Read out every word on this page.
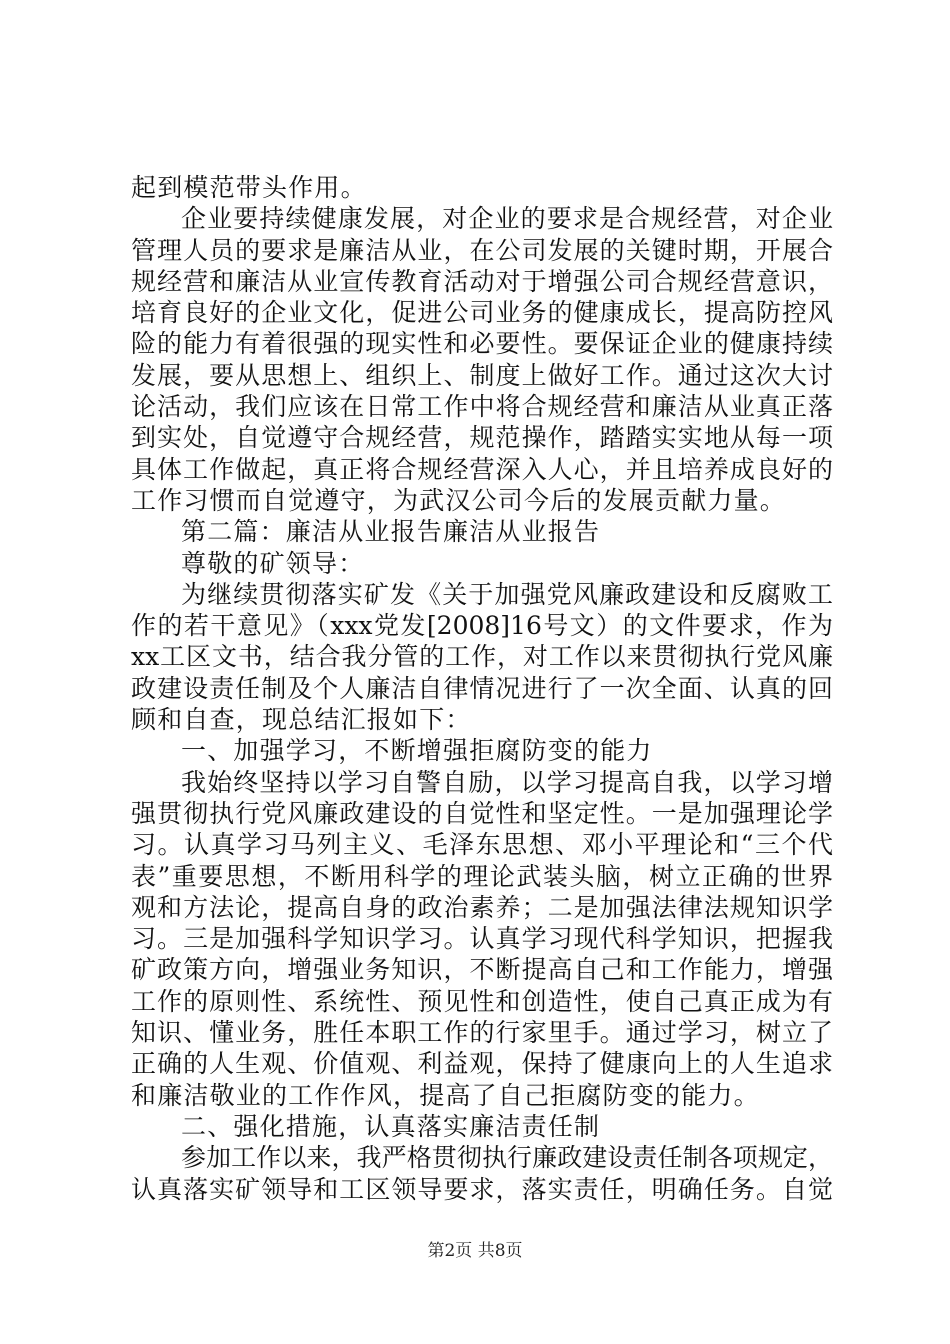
起到模范带头作用。
企业要持续健康发展，对企业的要求是合规经营，对企业
管理人员的要求是廉洁从业，在公司发展的关键时期，开展合
规经营和廉洁从业宣传教育活动对于增强公司合规经营意识，
培育良好的企业文化，促进公司业务的健康成长，提高防控风
险的能力有着很强的现实性和必要性。要保证企业的健康持续
发展，要从思想上、组织上、制度上做好工作。通过这次大讨
论活动，我们应该在日常工作中将合规经营和廉洁从业真正落
到实处，自觉遵守合规经营，规范操作，踏踏实实地从每一项
具体工作做起，真正将合规经营深入人心，并且培养成良好的
工作习惯而自觉遵守，为武汉公司今后的发展贡献力量。
第二篇：廉洁从业报告廉洁从业报告
尊敬的矿领导：
为继续贯彻落实矿发《关于加强党风廉政建设和反腐败工
作的若干意见》（xxx党发[2008]16号文）的文件要求，作为
xx工区文书，结合我分管的工作，对工作以来贯彻执行党风廉
政建设责任制及个人廉洁自律情况进行了一次全面、认真的回
顾和自查，现总结汇报如下：
一、加强学习，不断增强拒腐防变的能力
我始终坚持以学习自警自励，以学习提高自我，以学习增
强贯彻执行党风廉政建设的自觉性和坚定性。一是加强理论学
习。认真学习马列主义、毛泽东思想、邓小平理论和“三个代
表”重要思想，不断用科学的理论武装头脑，树立正确的世界
观和方法论，提高自身的政治素养；二是加强法律法规知识学
习。三是加强科学知识学习。认真学习现代科学知识，把握我
矿政策方向，增强业务知识，不断提高自己和工作能力，增强
工作的原则性、系统性、预见性和创造性，使自己真正成为有
知识、懂业务，胜任本职工作的行家里手。通过学习，树立了
正确的人生观、价值观、利益观，保持了健康向上的人生追求
和廉洁敬业的工作作风，提高了自己拒腐防变的能力。
二、强化措施，认真落实廉洁责任制
参加工作以来，我严格贯彻执行廉政建设责任制各项规定，
认真落实矿领导和工区领导要求，落实责任，明确任务。自觉
第2页 共8页
